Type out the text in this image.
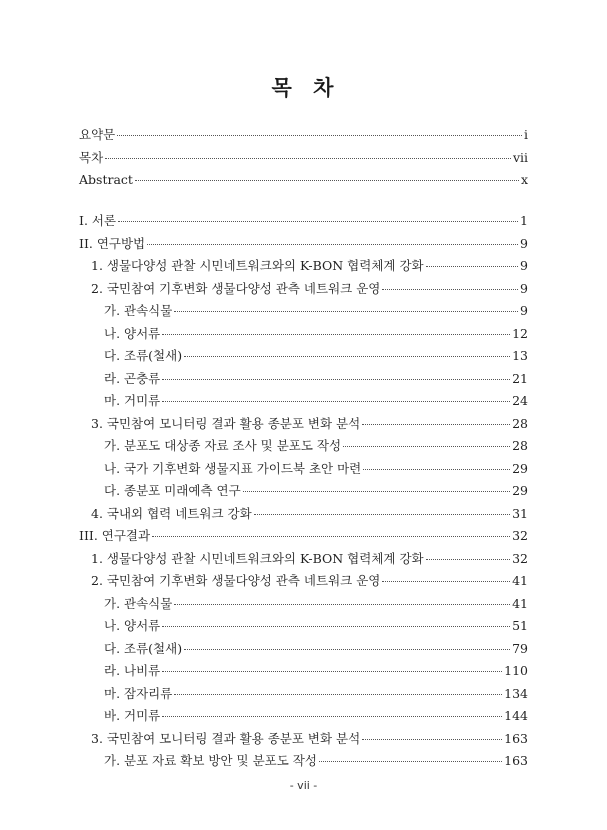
목 차
요약문	i
목차	vii
Abstract	x
I. 서론	1
II. 연구방법	9
1. 생물다양성 관찰 시민네트워크와의 K-BON 협력체계 강화	9
2. 국민참여 기후변화 생물다양성 관측 네트워크 운영	9
가. 관속식물	9
나. 양서류	12
다. 조류(철새)	13
라. 곤충류	21
마. 거미류	24
3. 국민참여 모니터링 결과 활용 종분포 변화 분석	28
가. 분포도 대상종 자료 조사 및 분포도 작성	28
나. 국가 기후변화 생물지표 가이드북 초안 마련	29
다. 종분포 미래예측 연구	29
4. 국내외 협력 네트워크 강화	31
III. 연구결과	32
1. 생물다양성 관찰 시민네트워크와의 K-BON 협력체계 강화	32
2. 국민참여 기후변화 생물다양성 관측 네트워크 운영	41
가. 관속식물	41
나. 양서류	51
다. 조류(철새)	79
라. 나비류	110
마. 잠자리류	134
바. 거미류	144
3. 국민참여 모니터링 결과 활용 종분포 변화 분석	163
가. 분포 자료 확보 방안 및 분포도 작성	163
- vii -
